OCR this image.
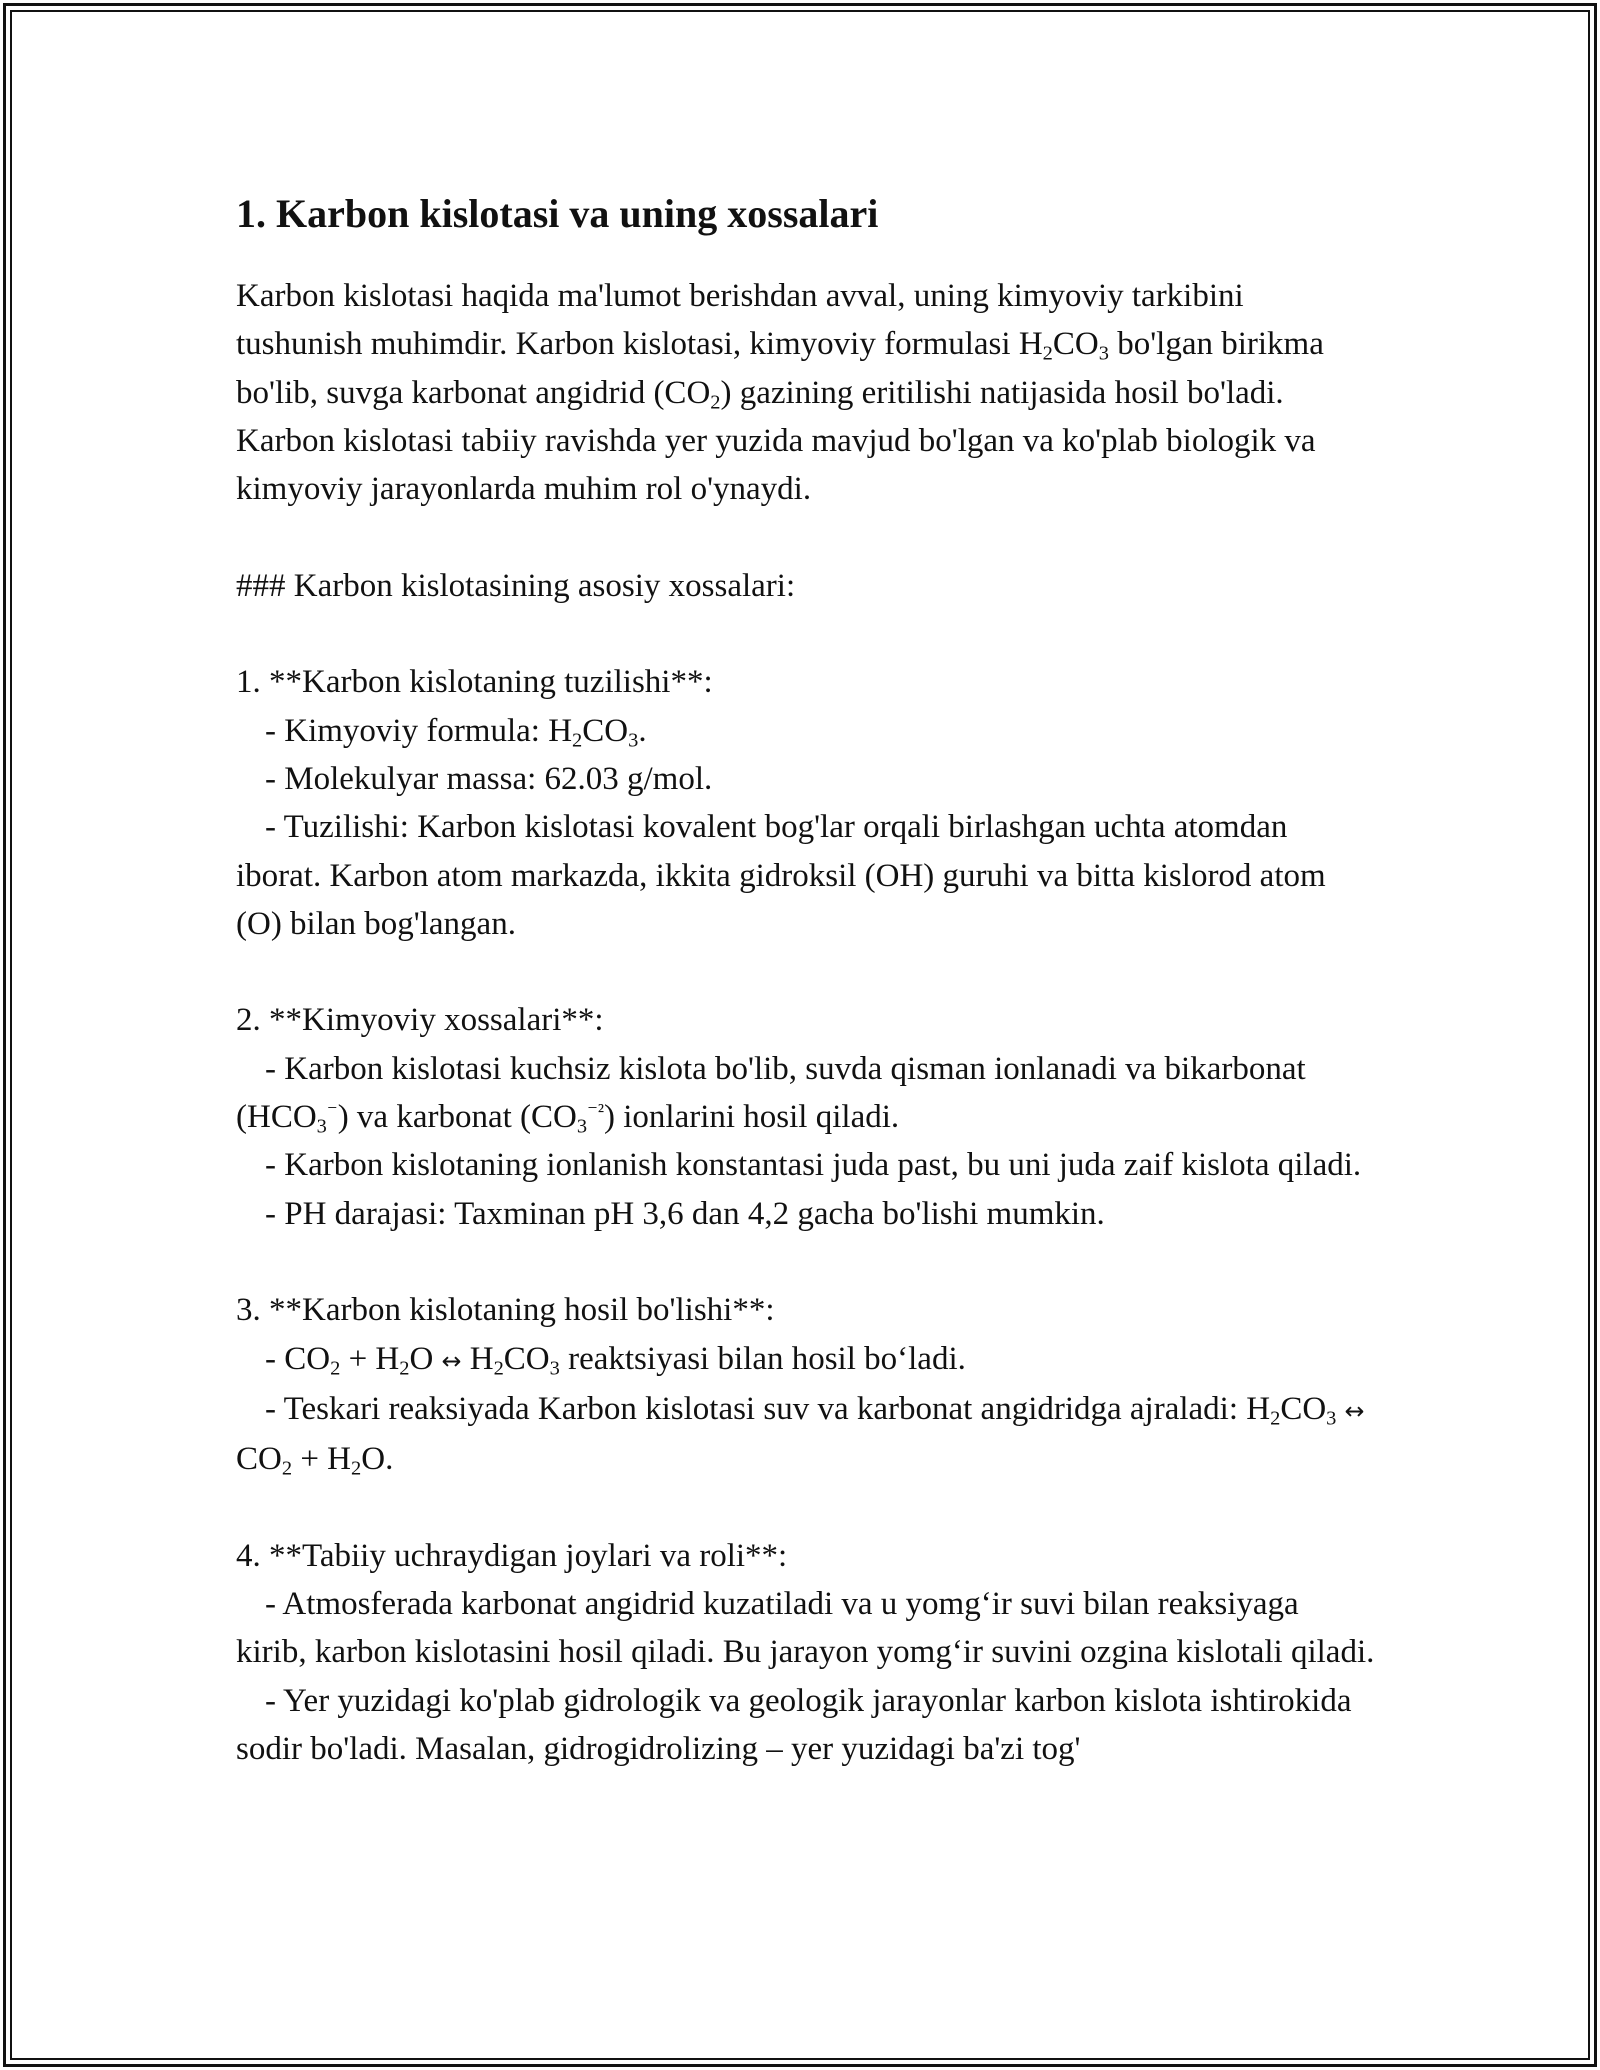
1. Karbon kislotasi va uning xossalari

Karbon kislotasi haqida ma'lumot berishdan avval, uning kimyoviy tarkibini tushunish muhimdir. Karbon kislotasi, kimyoviy formulasi $H_2CO_3$ bo'lgan birikma bo'lib, suvga karbonat angidrid $(CO_2)$ gazining eritilishi natijasida hosil bo'ladi. Karbon kislotasi tabiiy ravishda yer yuzida mavjud bo'lgan va ko'plab biologik va kimyoviy jarayonlarda muhim rol o'ynaydi.

### Karbon kislotasining asosiy xossalari:

1. **Karbon kislotaning tuzilishi**:

- Kimyoviy formula: $H_2CO_3$.

- Molekulyar massa: 62.03 g/mol.

- Tuzilishi: Karbon kislotasi kovalent bog'lar orqali birlashgan uchta atomdan iborat. Karbon atom markazda, ikkita gidroksil (OH) guruhi va bitta kislorod atom (O) bilan bog'langan.

2. **Kimyoviy xossalari**:

- Karbon kislotasi kuchsiz kislota bo'lib, suvda qisman ionlanadi va bikarbonat $(HCO_3^{^-})$ va karbonat $(CO_3^{^{-2}})$ ionlarini hosil qiladi.

- Karbon kislotaning ionlanish konstantasi juda past, bu uni juda zaif kislota qiladi.

- PH darajasi: Taxminan pH 3,6 dan 4,2 gacha bo'lishi mumkin.

3. **Karbon kislotaning hosil bo'lishi**:

- $CO_2 + H_2O$ ↔ $H_2CO_3$ reaktsiyasi bilan hosil bo‘ladi.

- Teskari reaksiyada Karbon kislotasi suv va karbonat angidridga ajraladi: $H_2CO_3$ ↔ $CO_2 + H_2O$.

4. **Tabiiy uchraydigan joylari va roli**:

- Atmosferada karbonat angidrid kuzatiladi va u yomg‘ir suvi bilan reaksiyaga kirib, karbon kislotasini hosil qiladi. Bu jarayon yomg‘ir suvini ozgina kislotali qiladi.

- Yer yuzidagi ko'plab gidrologik va geologik jarayonlar karbon kislota ishtirokida sodir bo'ladi. Masalan, gidrogidrolizing – yer yuzidagi ba'zi tog'
